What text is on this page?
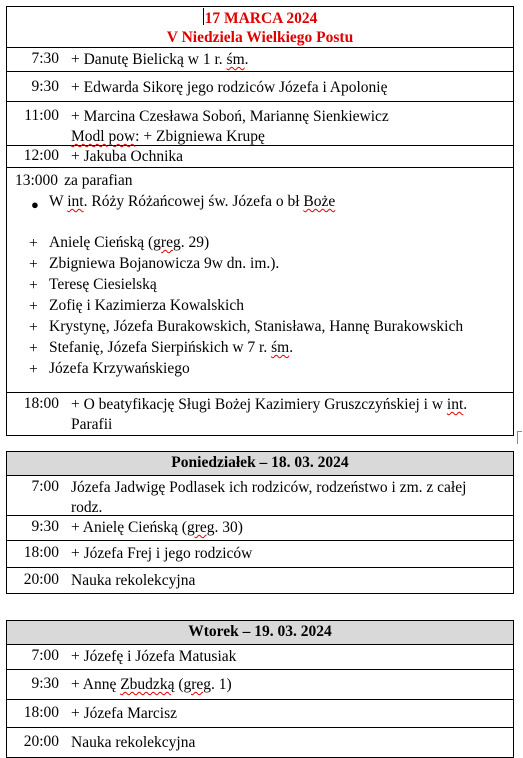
17 MARCA 2024
V Niedziela Wielkiego Postu
7:30 + Danutę Bielicką w 1 r. śm.
9:30 + Edwarda Sikorę jego rodziców Józefa i Apolonię
11:00 + Marcina Czesława Soboń, Mariannę Sienkiewicz
Modl pow: + Zbigniewa Krupę
12:00 + Jakuba Ochnika
13:000 za parafian
● W int. Róży Różańcowej św. Józefa o bł Boże
+ Anielę Cieńską (greg. 29)
+ Zbigniewa Bojanowicza 9w dn. im.).
+ Teresę Ciesielską
+ Zofię i Kazimierza Kowalskich
+ Krystynę, Józefa Burakowskich, Stanisława, Hannę Burakowskich
+ Stefanię, Józefa Sierpińskich w 7 r. śm.
+ Józefa Krzywańskiego
18:00 + O beatyfikację Sługi Bożej Kazimiery Gruszczyńskiej i w int.
Parafii
Poniedziałek – 18. 03. 2024
7:00 Józefa Jadwigę Podlasek ich rodziców, rodzeństwo i zm. z całej
rodz.
9:30 + Anielę Cieńską (greg. 30)
18:00 + Józefa Frej i jego rodziców
20:00 Nauka rekolekcyjna
Wtorek – 19. 03. 2024
7:00 + Józefę i Józefa Matusiak
9:30 + Annę Zbudzką (greg. 1)
18:00 + Józefa Marcisz
20:00 Nauka rekolekcyjna
